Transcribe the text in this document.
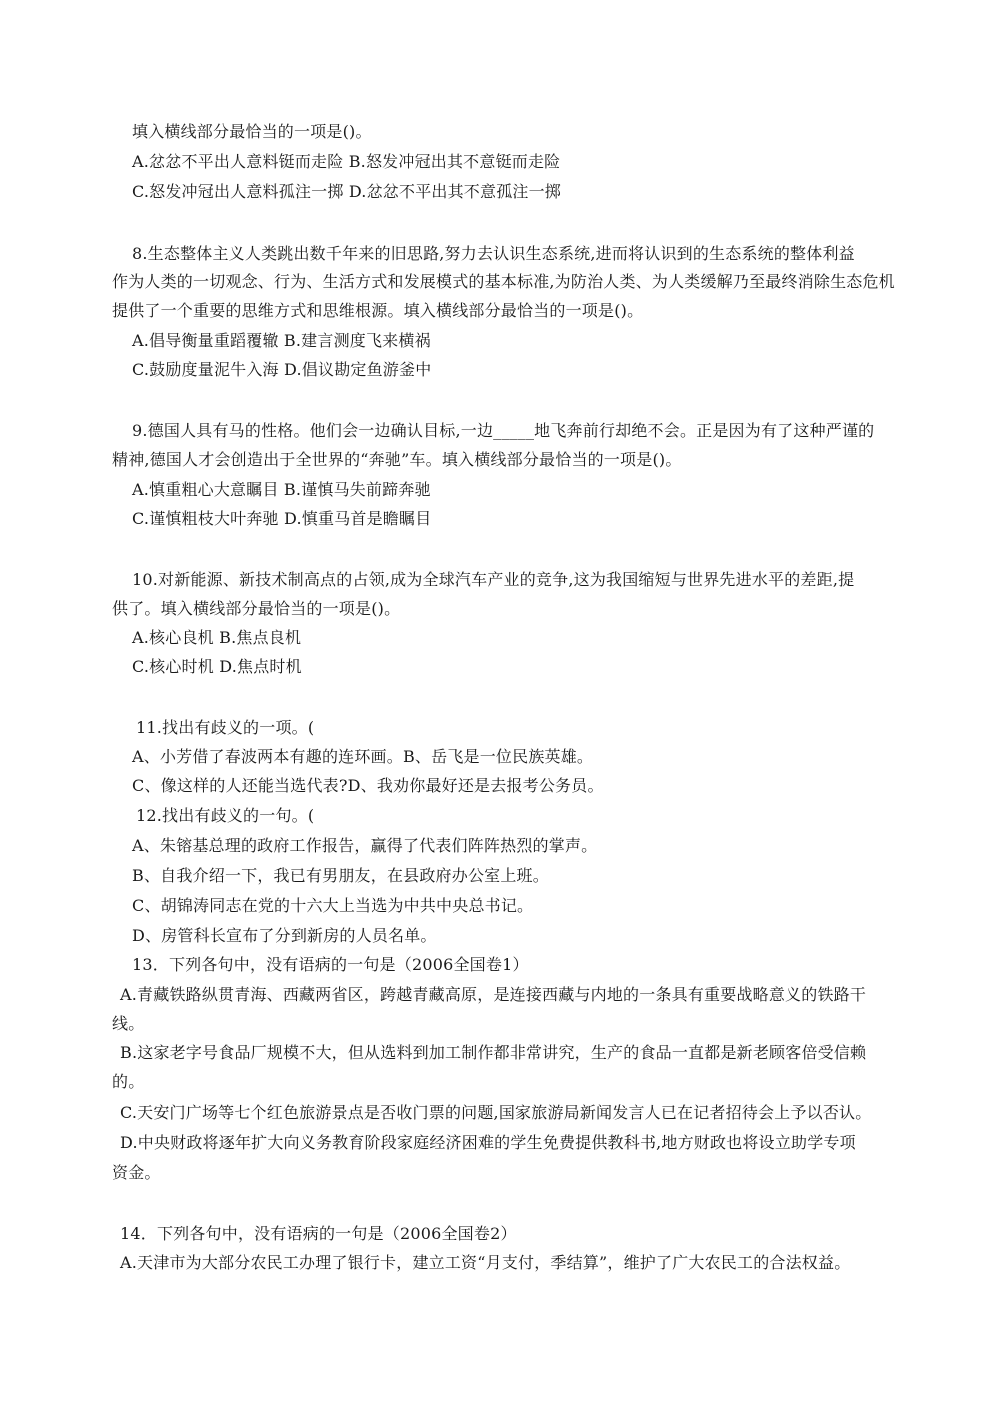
填入横线部分最恰当的一项是()。
A.忿忿不平出人意料铤而走险 B.怒发冲冠出其不意铤而走险
C.怒发冲冠出人意料孤注一掷 D.忿忿不平出其不意孤注一掷
8.生态整体主义人类跳出数千年来的旧思路,努力去认识生态系统,进而将认识到的生态系统的整体利益
作为人类的一切观念、行为、生活方式和发展模式的基本标准,为防治人类、为人类缓解乃至最终消除生态危机
提供了一个重要的思维方式和思维根源。填入横线部分最恰当的一项是()。
A.倡导衡量重蹈覆辙 B.建言测度飞来横祸
C.鼓励度量泥牛入海 D.倡议勘定鱼游釜中
9.德国人具有马的性格。他们会一边确认目标,一边_____地飞奔前行却绝不会。正是因为有了这种严谨的
精神,德国人才会创造出于全世界的“奔驰”车。填入横线部分最恰当的一项是()。
A.慎重粗心大意瞩目 B.谨慎马失前蹄奔驰
C.谨慎粗枝大叶奔驰 D.慎重马首是瞻瞩目
10.对新能源、新技术制高点的占领,成为全球汽车产业的竞争,这为我国缩短与世界先进水平的差距,提
供了。填入横线部分最恰当的一项是()。
A.核心良机 B.焦点良机
C.核心时机 D.焦点时机
11.找出有歧义的一项。(
A、小芳借了春波两本有趣的连环画。B、岳飞是一位民族英雄。
C、像这样的人还能当选代表?D、我劝你最好还是去报考公务员。
12.找出有歧义的一句。(
A、朱镕基总理的政府工作报告，赢得了代表们阵阵热烈的掌声。
B、自我介绍一下，我已有男朋友，在县政府办公室上班。
C、胡锦涛同志在党的十六大上当选为中共中央总书记。
D、房管科长宣布了分到新房的人员名单。
13．下列各句中，没有语病的一句是（2006全国卷1）
A.青藏铁路纵贯青海、西藏两省区，跨越青藏高原，是连接西藏与内地的一条具有重要战略意义的铁路干
线。
B.这家老字号食品厂规模不大，但从选料到加工制作都非常讲究，生产的食品一直都是新老顾客倍受信赖
的。
C.天安门广场等七个红色旅游景点是否收门票的问题,国家旅游局新闻发言人已在记者招待会上予以否认。
D.中央财政将逐年扩大向义务教育阶段家庭经济困难的学生免费提供教科书,地方财政也将设立助学专项
资金。
14．下列各句中，没有语病的一句是（2006全国卷2）
A.天津市为大部分农民工办理了银行卡，建立工资“月支付，季结算”，维护了广大农民工的合法权益。
